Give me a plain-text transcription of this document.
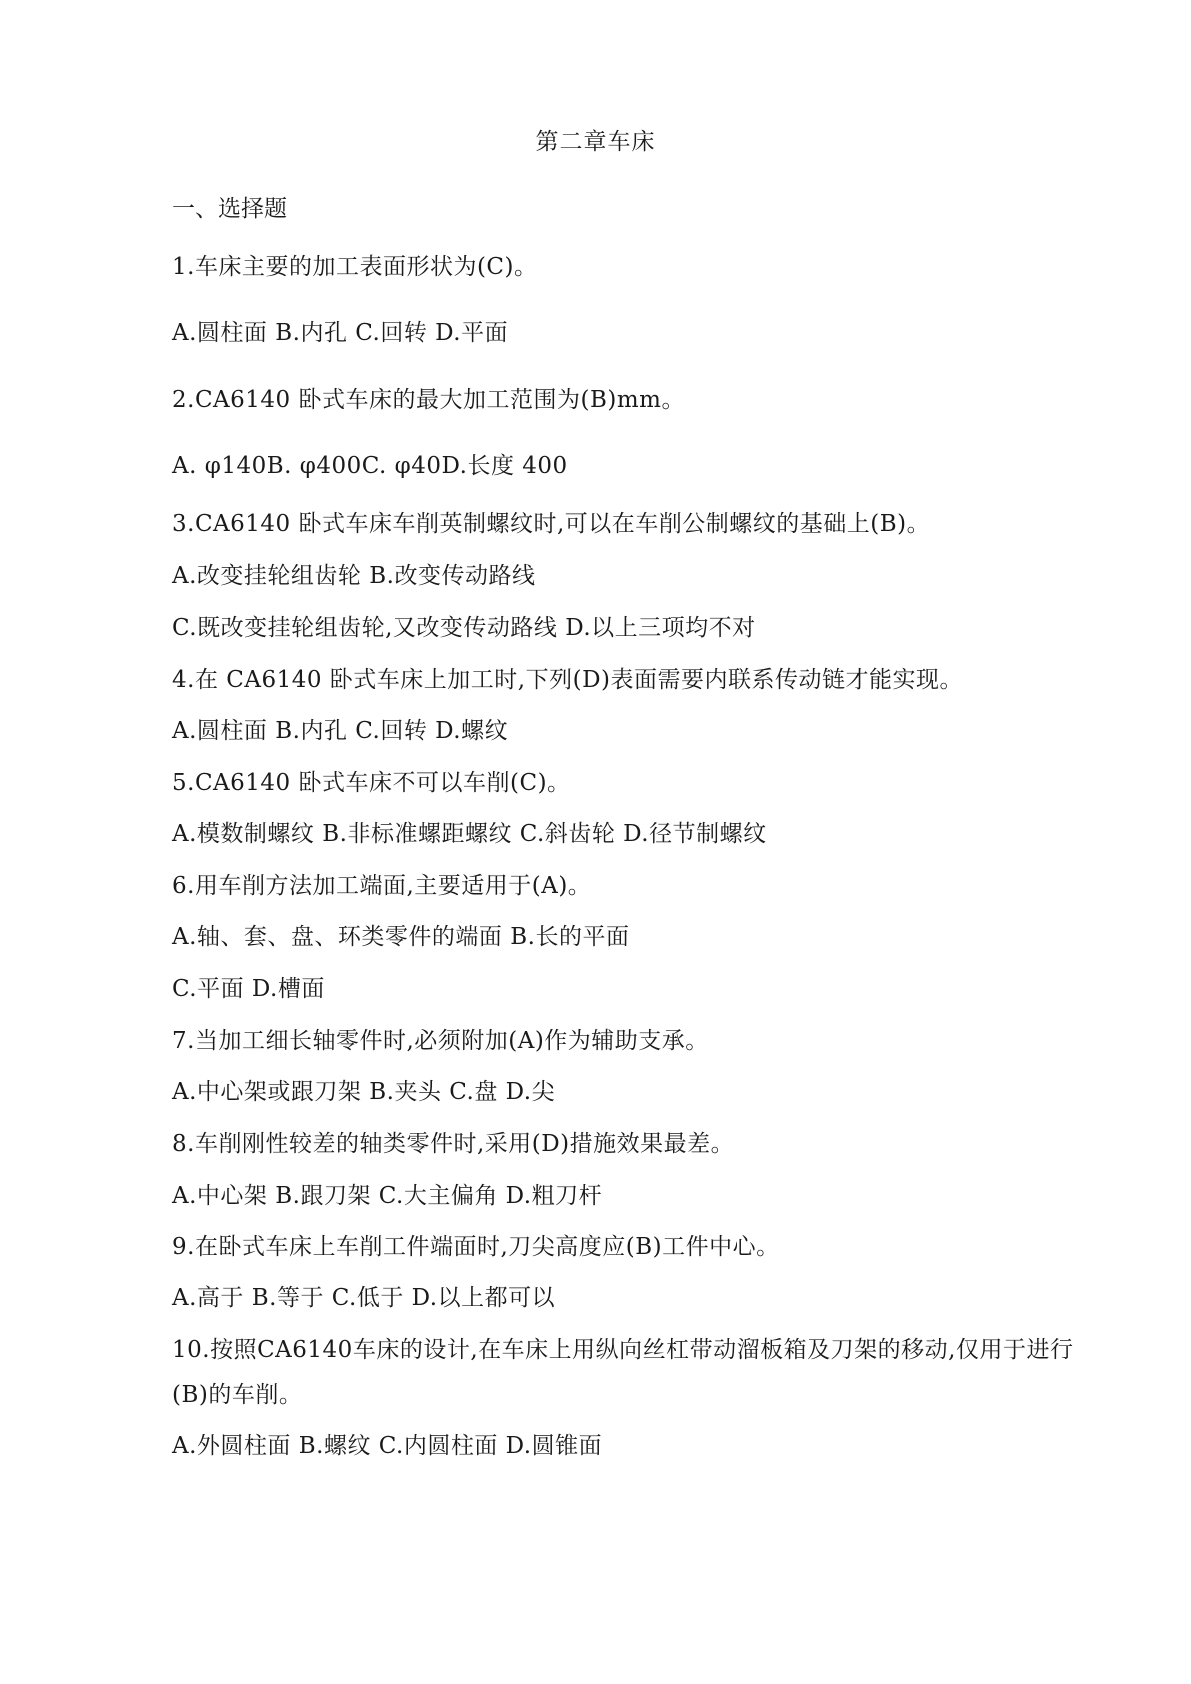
第二章车床
一、选择题
1.车床主要的加工表面形状为(C)。
A.圆柱面 B.内孔 C.回转 D.平面
2.CA6140 卧式车床的最大加工范围为(B)mm。
A. φ140B. φ400C. φ40D.长度 400
3.CA6140 卧式车床车削英制螺纹时,可以在车削公制螺纹的基础上(B)。
A.改变挂轮组齿轮 B.改变传动路线
C.既改变挂轮组齿轮,又改变传动路线 D.以上三项均不对
4.在 CA6140 卧式车床上加工时,下列(D)表面需要内联系传动链才能实现。
A.圆柱面 B.内孔 C.回转 D.螺纹
5.CA6140 卧式车床不可以车削(C)。
A.模数制螺纹 B.非标准螺距螺纹 C.斜齿轮 D.径节制螺纹
6.用车削方法加工端面,主要适用于(A)。
A.轴、套、盘、环类零件的端面 B.长的平面
C.平面 D.槽面
7.当加工细长轴零件时,必须附加(A)作为辅助支承。
A.中心架或跟刀架 B.夹头 C.盘 D.尖
8.车削刚性较差的轴类零件时,采用(D)措施效果最差。
A.中心架 B.跟刀架 C.大主偏角 D.粗刀杆
9.在卧式车床上车削工件端面时,刀尖高度应(B)工件中心。
A.高于 B.等于 C.低于 D.以上都可以
10.按照CA6140车床的设计,在车床上用纵向丝杠带动溜板箱及刀架的移动,仅用于进行
(B)的车削。
A.外圆柱面 B.螺纹 C.内圆柱面 D.圆锥面
